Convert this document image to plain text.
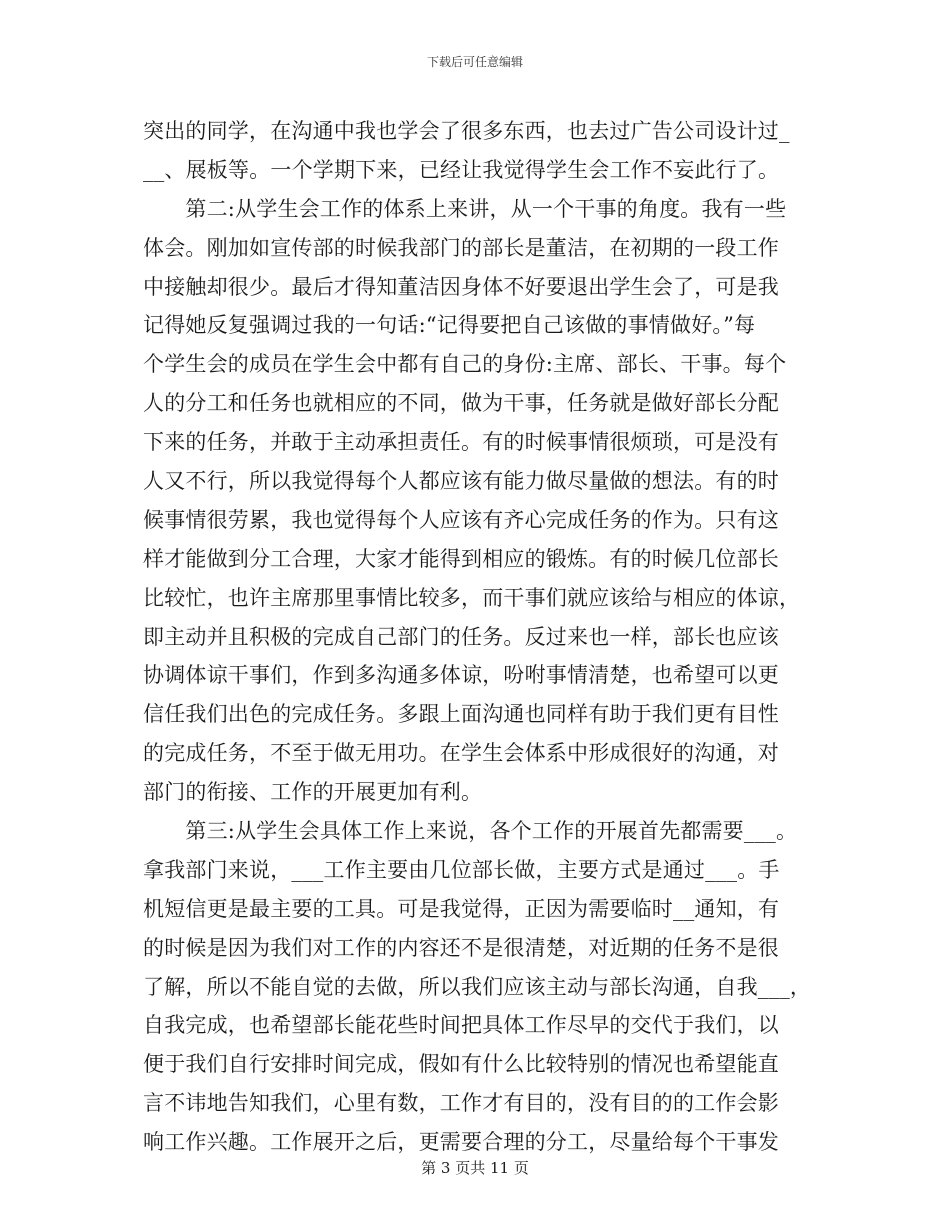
下载后可任意编辑
突出的同学，在沟通中我也学会了很多东西，也去过广告公司设计过_
__、展板等。一个学期下来，已经让我觉得学生会工作不妄此行了。
　　第二:从学生会工作的体系上来讲，从一个干事的角度。我有一些
体会。刚加如宣传部的时候我部门的部长是董洁，在初期的一段工作
中接触却很少。最后才得知董洁因身体不好要退出学生会了，可是我
记得她反复强调过我的一句话:“记得要把自己该做的事情做好。”每
个学生会的成员在学生会中都有自己的身份:主席、部长、干事。每个
人的分工和任务也就相应的不同，做为干事，任务就是做好部长分配
下来的任务，并敢于主动承担责任。有的时候事情很烦琐，可是没有
人又不行，所以我觉得每个人都应该有能力做尽量做的想法。有的时
候事情很劳累，我也觉得每个人应该有齐心完成任务的作为。只有这
样才能做到分工合理，大家才能得到相应的锻炼。有的时候几位部长
比较忙，也许主席那里事情比较多，而干事们就应该给与相应的体谅，
即主动并且积极的完成自己部门的任务。反过来也一样，部长也应该
协调体谅干事们，作到多沟通多体谅，吩咐事情清楚，也希望可以更
信任我们出色的完成任务。多跟上面沟通也同样有助于我们更有目性
的完成任务，不至于做无用功。在学生会体系中形成很好的沟通，对
部门的衔接、工作的开展更加有利。
　　第三:从学生会具体工作上来说，各个工作的开展首先都需要___。
拿我部门来说，___工作主要由几位部长做，主要方式是通过___。手
机短信更是最主要的工具。可是我觉得，正因为需要临时__通知，有
的时候是因为我们对工作的内容还不是很清楚，对近期的任务不是很
了解，所以不能自觉的去做，所以我们应该主动与部长沟通，自我___，
自我完成，也希望部长能花些时间把具体工作尽早的交代于我们，以
便于我们自行安排时间完成，假如有什么比较特别的情况也希望能直
言不讳地告知我们，心里有数，工作才有目的，没有目的的工作会影
响工作兴趣。工作展开之后，更需要合理的分工，尽量给每个干事发
第 3 页共 11 页
